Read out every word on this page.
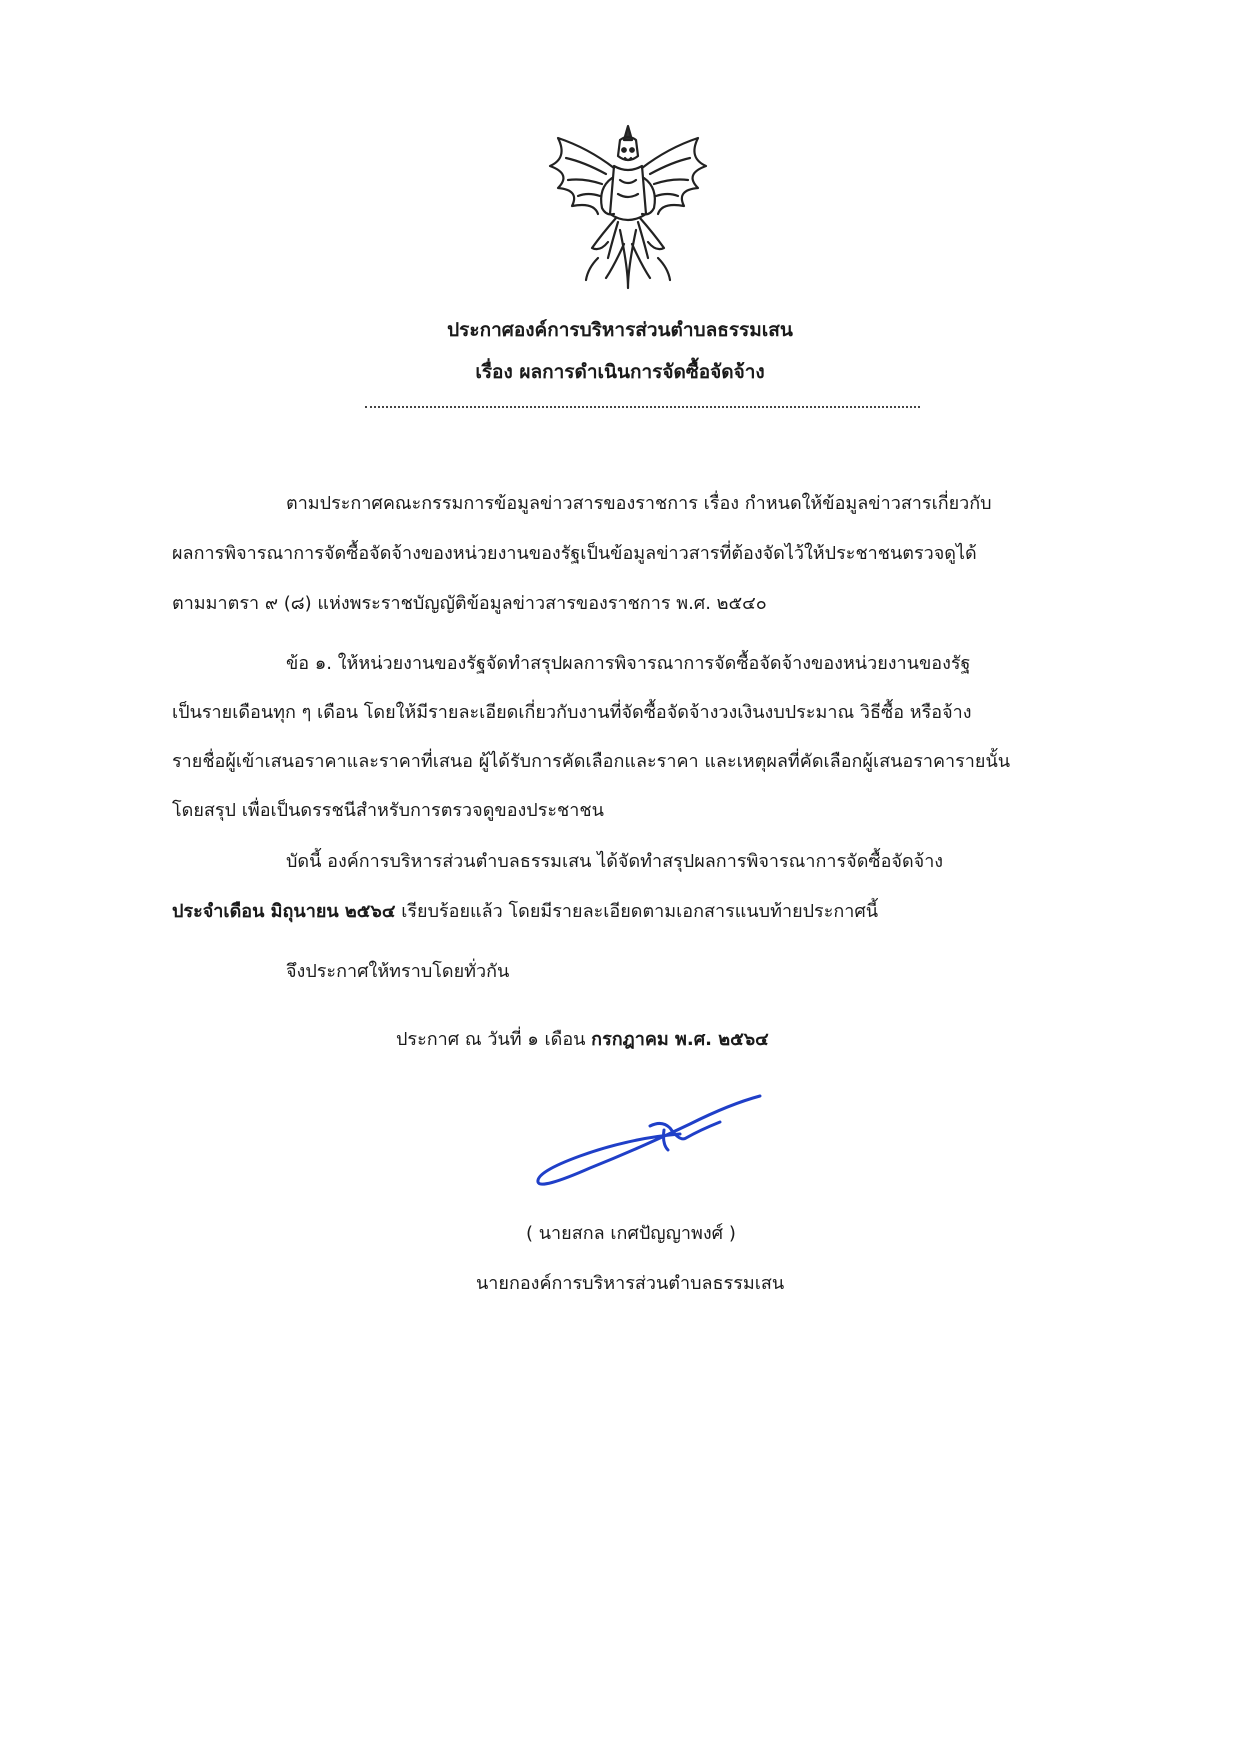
ประกาศองค์การบริหารส่วนตำบลธรรมเสน
เรื่อง ผลการดำเนินการจัดซื้อจัดจ้าง
ตามประกาศคณะกรรมการข้อมูลข่าวสารของราชการ เรื่อง กำหนดให้ข้อมูลข่าวสารเกี่ยวกับ
ผลการพิจารณาการจัดซื้อจัดจ้างของหน่วยงานของรัฐเป็นข้อมูลข่าวสารที่ต้องจัดไว้ให้ประชาชนตรวจดูได้
ตามมาตรา ๙ (๘) แห่งพระราชบัญญัติข้อมูลข่าวสารของราชการ พ.ศ. ๒๕๔๐
ข้อ ๑. ให้หน่วยงานของรัฐจัดทำสรุปผลการพิจารณาการจัดซื้อจัดจ้างของหน่วยงานของรัฐ
เป็นรายเดือนทุก ๆ เดือน โดยให้มีรายละเอียดเกี่ยวกับงานที่จัดซื้อจัดจ้างวงเงินงบประมาณ วิธีซื้อ หรือจ้าง
รายชื่อผู้เข้าเสนอราคาและราคาที่เสนอ ผู้ได้รับการคัดเลือกและราคา และเหตุผลที่คัดเลือกผู้เสนอราคารายนั้น
โดยสรุป เพื่อเป็นดรรชนีสำหรับการตรวจดูของประชาชน
บัดนี้ องค์การบริหารส่วนตำบลธรรมเสน ได้จัดทำสรุปผลการพิจารณาการจัดซื้อจัดจ้าง
ประจำเดือน มิถุนายน ๒๕๖๔ เรียบร้อยแล้ว โดยมีรายละเอียดตามเอกสารแนบท้ายประกาศนี้
จึงประกาศให้ทราบโดยทั่วกัน
ประกาศ ณ วันที่ ๑ เดือน กรกฎาคม พ.ศ. ๒๕๖๔
( นายสกล เกศปัญญาพงศ์ )
นายกองค์การบริหารส่วนตำบลธรรมเสน
